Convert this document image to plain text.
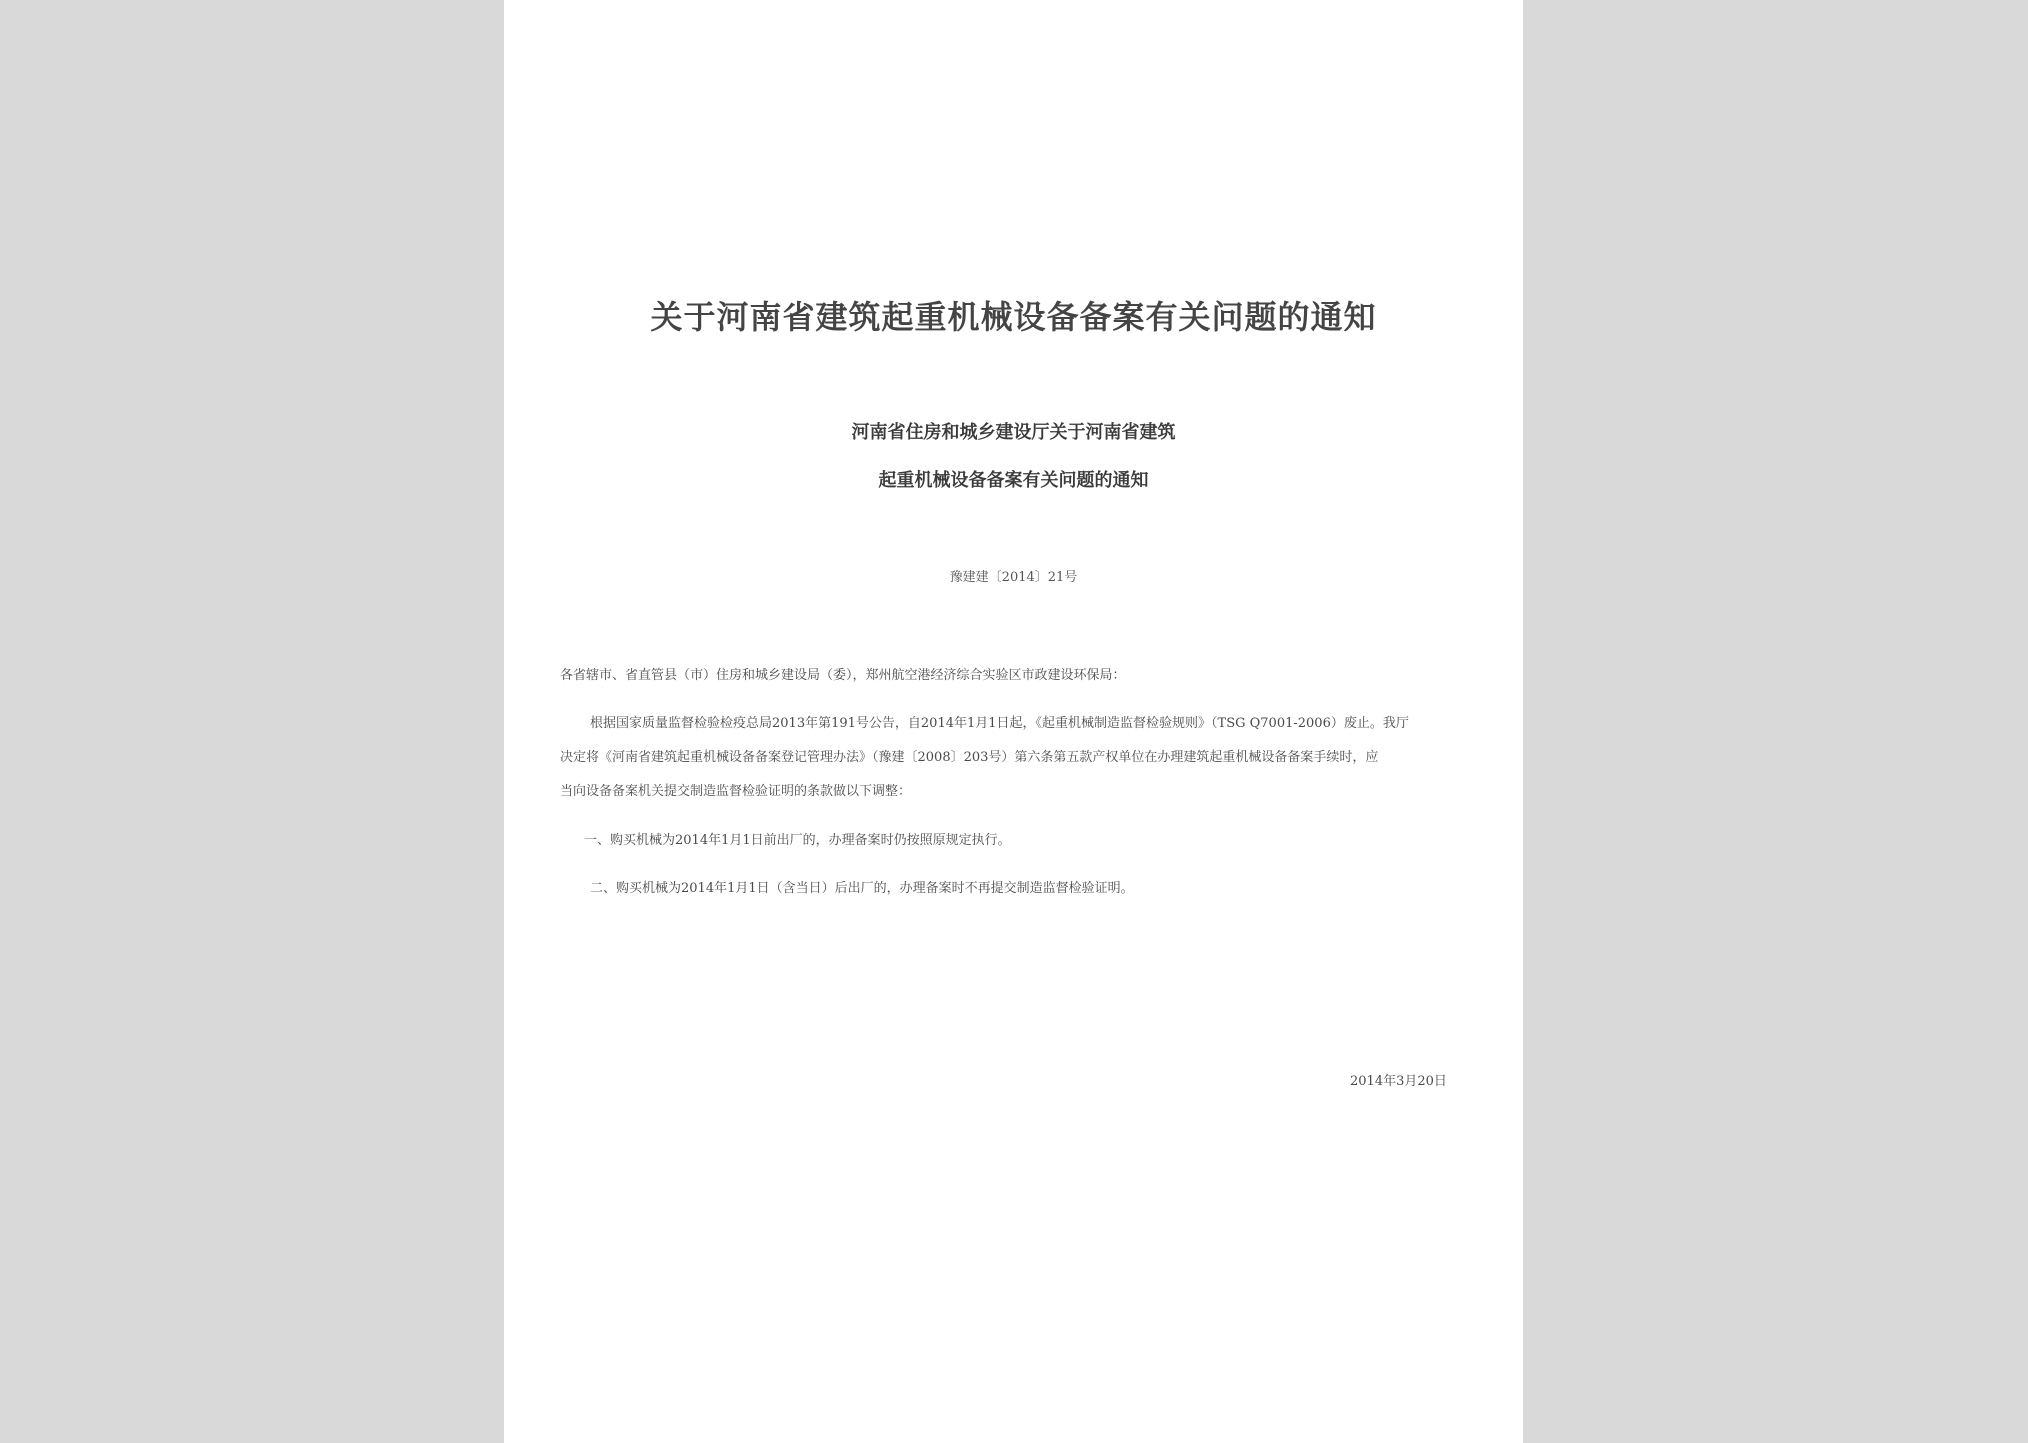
关于河南省建筑起重机械设备备案有关问题的通知
河南省住房和城乡建设厅关于河南省建筑
起重机械设备备案有关问题的通知
豫建建〔2014〕21号
各省辖市、省直管县（市）住房和城乡建设局（委），郑州航空港经济综合实验区市政建设环保局：
根据国家质量监督检验检疫总局2013年第191号公告，自2014年1月1日起，《起重机械制造监督检验规则》（TSG Q7001-2006）废止。我厅
决定将《河南省建筑起重机械设备备案登记管理办法》（豫建〔2008〕203号）第六条第五款产权单位在办理建筑起重机械设备备案手续时，应
当向设备备案机关提交制造监督检验证明的条款做以下调整：
一、购买机械为2014年1月1日前出厂的，办理备案时仍按照原规定执行。
二、购买机械为2014年1月1日（含当日）后出厂的，办理备案时不再提交制造监督检验证明。
2014年3月20日
